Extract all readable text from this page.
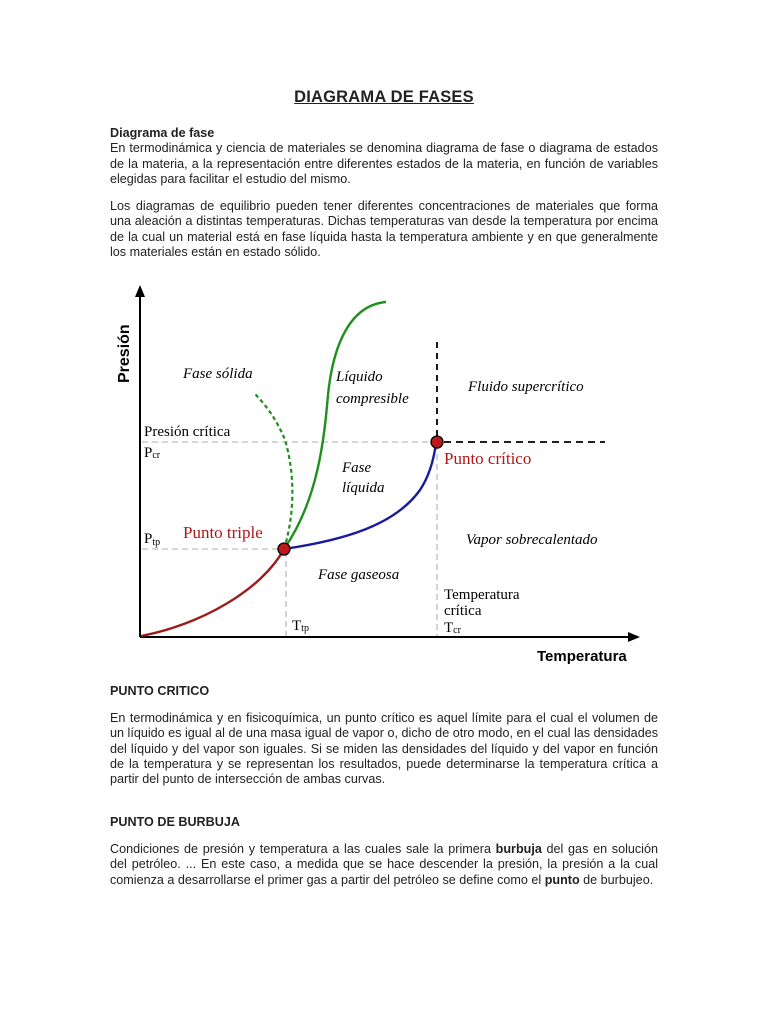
DIAGRAMA DE FASES
Diagrama de fase
En termodinámica y ciencia de materiales se denomina diagrama de fase o diagrama de estados de la materia, a la representación entre diferentes estados de la materia, en función de variables elegidas para facilitar el estudio del mismo.
Los diagramas de equilibrio pueden tener diferentes concentraciones de materiales que forma una aleación a distintas temperaturas. Dichas temperaturas van desde la temperatura por encima de la cual un material está en fase líquida hasta la temperatura ambiente y en que generalmente los materiales están en estado sólido.
Presión
Temperatura
Fase sólida	Líquido
compresible
Fluido supercrítico
Fase
líquida
Vapor sobrecalentado
Fase gaseosa
Presión crítica
Pcr
Ptp
Punto triple
Punto crítico
Temperatura
crítica
Tcr
Ttp
PUNTO CRITICO
En termodinámica y en fisicoquímica, un punto crítico es aquel límite para el cual el volumen de un líquido es igual al de una masa igual de vapor o, dicho de otro modo, en el cual las densidades del líquido y del vapor son iguales. Si se miden las densidades del líquido y del vapor en función de la temperatura y se representan los resultados, puede determinarse la temperatura crítica a partir del punto de intersección de ambas curvas.
PUNTO DE BURBUJA
Condiciones de presión y temperatura a las cuales sale la primera burbuja del gas en solución del petróleo. ... En este caso, a medida que se hace descender la presión, la presión a la cual comienza a desarrollarse el primer gas a partir del petróleo se define como el punto de burbujeo.
